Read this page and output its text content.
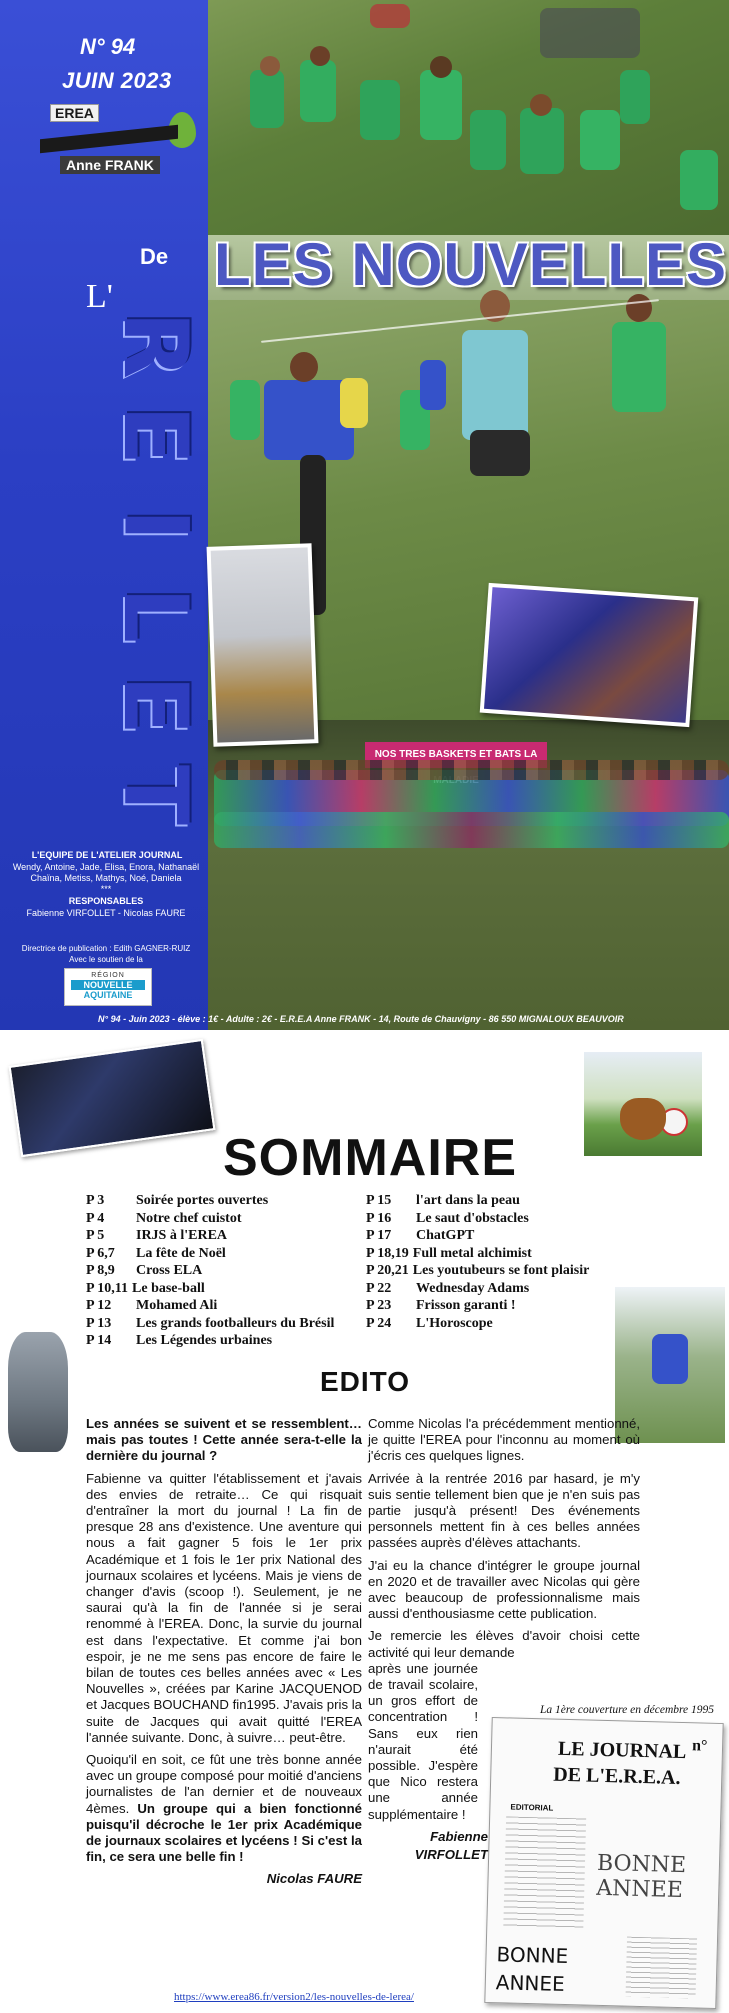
NOS TRES BASKETS ET BATS LA
N° 94
JUIN 2023
EREA
Anne FRANK
De
L' LES NOUVELLES
R
E
I
L
E
T
L'EQUIPE DE L'ATELIER JOURNAL
Wendy, Antoine, Jade, Elisa, Enora, Nathanaël Chaïna, Metiss, Mathys, Noé, Daniela
***
RESPONSABLES
Fabienne VIRFOLLET - Nicolas FAURE
Directrice de publication : Edith GAGNER-RUIZ
Avec le soutien de la
RÉGION
NOUVELLE
AQUITAINE
N° 94 - Juin 2023 - élève : 1€ - Adulte : 2€ - E.R.E.A Anne FRANK - 14, Route de Chauvigny - 86 550 MIGNALOUX BEAUVOIR
SOMMAIRE
P 3	Soirée portes ouvertes
P 4	Notre chef cuistot
P 5	IRJS à l'EREA
P 6,7	La fête de Noël
P 8,9	Cross ELA
P 10,11 Le base-ball
P 12	Mohamed Ali
P 13	Les grands footballeurs du Brésil
P 14	Les Légendes urbaines
P 15	l'art dans la peau
P 16	Le saut d'obstacles
P 17	ChatGPT
P 18,19 Full metal alchimist
P 20,21 Les youtubeurs se font plaisir
P 22	Wednesday Adams
P 23	Frisson garanti !
P 24	L'Horoscope
EDITO

Les années se suivent et se ressemblent… mais pas toutes ! Cette année sera-t-elle la dernière du journal ?

Fabienne va quitter l'établissement et j'avais des envies de retraite… Ce qui risquait d'entraîner la mort du journal ! La fin de presque 28 ans d'existence. Une aventure qui nous a fait gagner 5 fois le 1er prix Académique et 1 fois le 1er prix National des journaux scolaires et lycéens. Mais je viens de changer d'avis (scoop !). Seulement, je ne saurai qu'à la fin de l'année si je serai renommé à l'EREA. Donc, la survie du journal est dans l'expectative. Et comme j'ai bon espoir, je ne me sens pas encore de faire le bilan de toutes ces belles années avec « Les Nouvelles », créées par Karine JACQUENOD et Jacques BOUCHAND fin1995. J'avais pris la suite de Jacques qui avait quitté l'EREA l'année suivante. Donc, à suivre… peut-être.

Quoiqu'il en soit, ce fût une très bonne année avec un groupe composé pour moitié d'anciens journalistes de l'an dernier et de nouveaux 4èmes. Un groupe qui a bien fonctionné puisqu'il décroche le 1er prix Académique de journaux scolaires et lycéens ! Si c'est la fin, ce sera une belle fin !

Nicolas FAURE

Comme Nicolas l'a précédemment mentionné, je quitte l'EREA pour l'inconnu au moment où j'écris ces quelques lignes.

Arrivée à la rentrée 2016 par hasard, je m'y suis sentie tellement bien que je n'en suis pas partie jusqu'à présent! Des événements personnels mettent fin à ces belles années passées auprès d'élèves attachants.

J'ai eu la chance d'intégrer le groupe journal en 2020 et de travailler avec Nicolas qui gère avec beaucoup de professionnalisme mais aussi d'enthousiasme cette publication.

Je remercie les élèves d'avoir choisi cette activité qui leur demande

après une journée de travail scolaire, un gros effort de concentration ! Sans eux rien n'aurait été possible. J'espère que Nico restera une année supplémentaire !

Fabienne

VIRFOLLET

La 1ère couverture en décembre 1995
LE JOURNAL
DE L'E.R.E.A.
n°
EDITORIAL
BONNE ANNEE
BONNE
ANNEE
https://www.erea86.fr/version2/les-nouvelles-de-lerea/
